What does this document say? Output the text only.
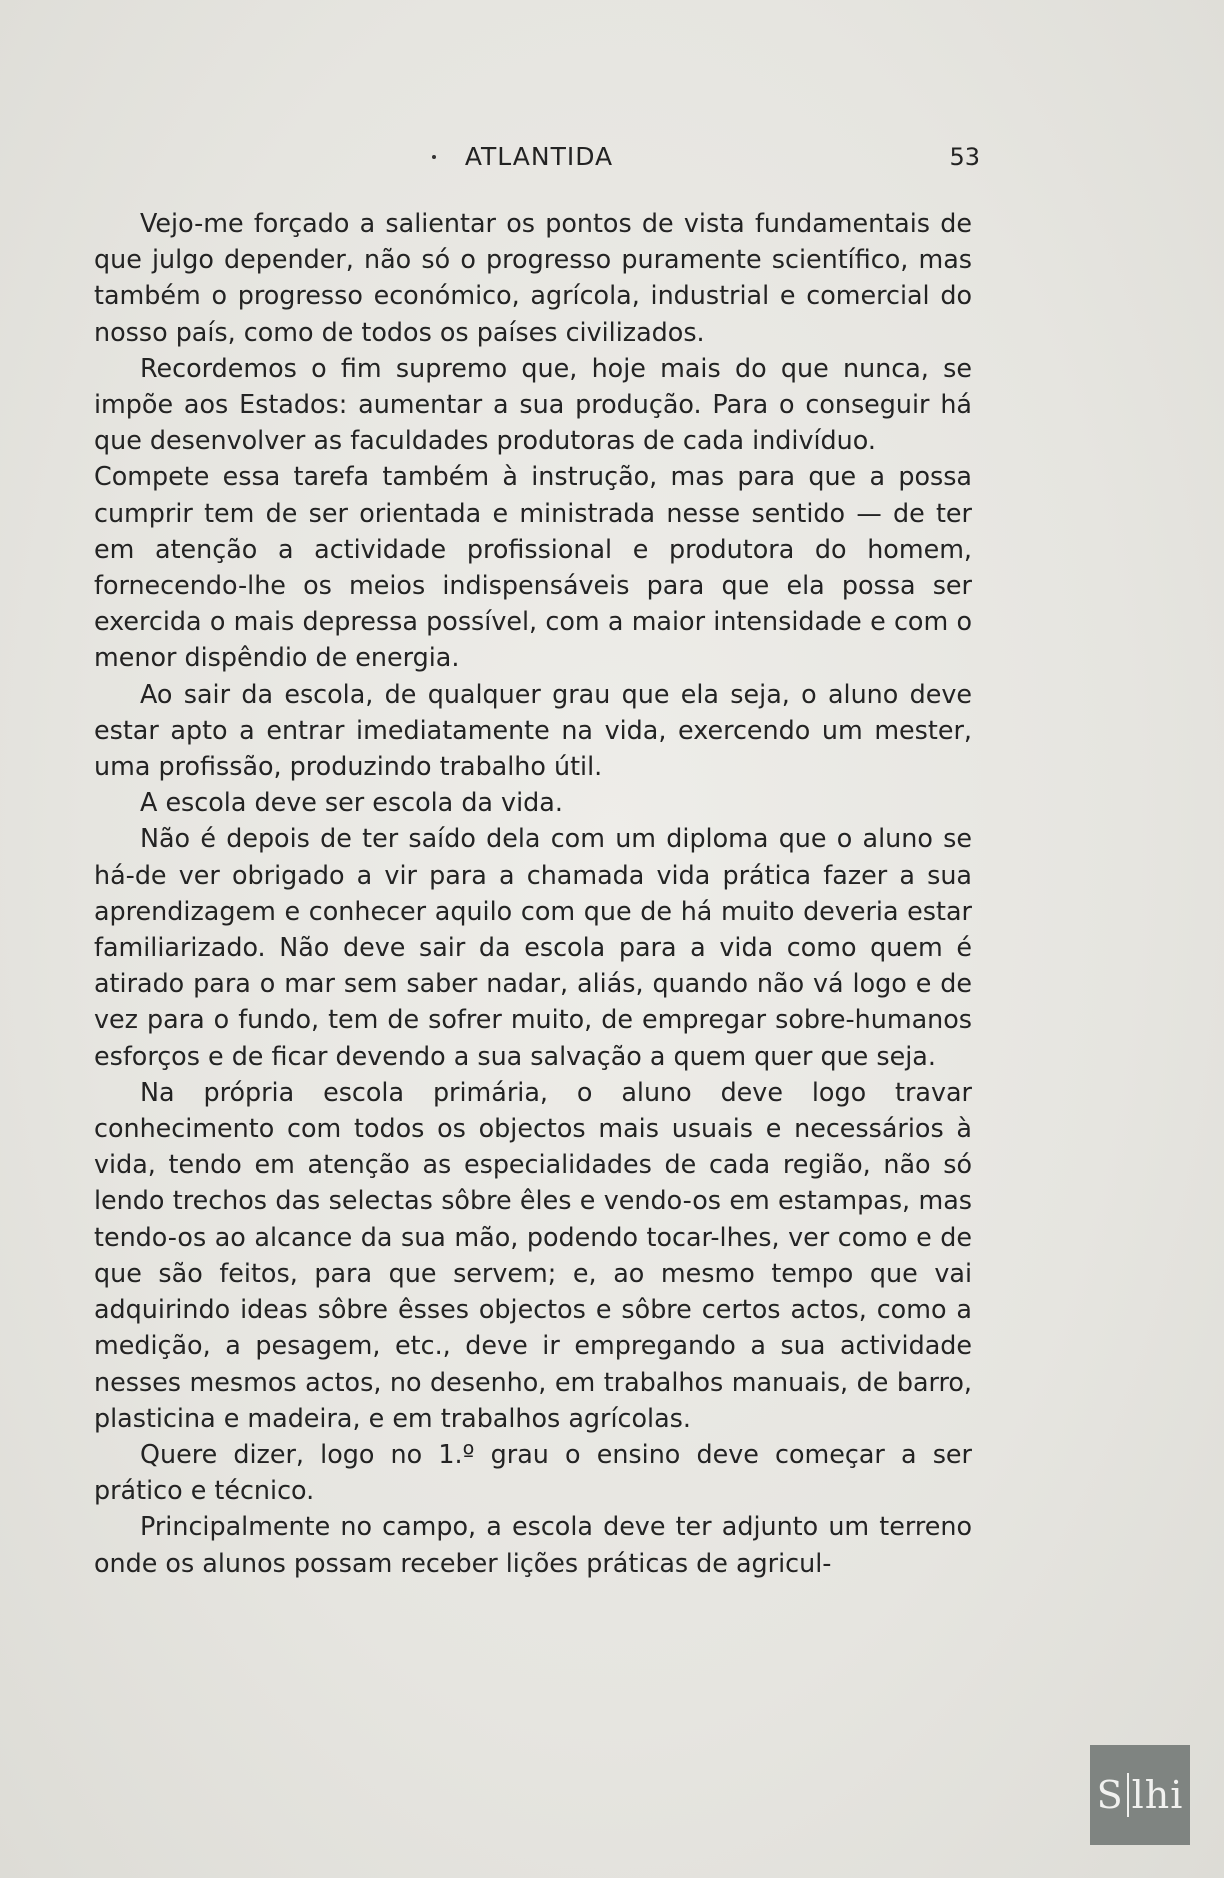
ATLANTIDA	53

Vejo-me forçado a salientar os pontos de vista fundamentais de que julgo depender, não só o progresso puramente scientífico, mas também o progresso económico, agrícola, industrial e comercial do nosso país, como de todos os países civilizados.

Recordemos o fim supremo que, hoje mais do que nunca, se impõe aos Estados: aumentar a sua produção. Para o conseguir há que desenvolver as faculdades produtoras de cada indivíduo.

Compete essa tarefa também à instrução, mas para que a possa cumprir tem de ser orientada e ministrada nesse sentido — de ter em atenção a actividade profissional e produtora do homem, fornecendo-lhe os meios indispensáveis para que ela possa ser exercida o mais depressa possível, com a maior intensidade e com o menor dispêndio de energia.

Ao sair da escola, de qualquer grau que ela seja, o aluno deve estar apto a entrar imediatamente na vida, exercendo um mester, uma profissão, produzindo trabalho útil.

A escola deve ser escola da vida.

Não é depois de ter saído dela com um diploma que o aluno se há-de ver obrigado a vir para a chamada vida prática fazer a sua aprendizagem e conhecer aquilo com que de há muito deveria estar familiarizado. Não deve sair da escola para a vida como quem é atirado para o mar sem saber nadar, aliás, quando não vá logo e de vez para o fundo, tem de sofrer muito, de empregar sobre-humanos esforços e de ficar devendo a sua salvação a quem quer que seja.

Na própria escola primária, o aluno deve logo travar conhecimento com todos os objectos mais usuais e necessários à vida, tendo em atenção as especialidades de cada região, não só lendo trechos das selectas sôbre êles e vendo-os em estampas, mas tendo-os ao alcance da sua mão, podendo tocar-lhes, ver como e de que são feitos, para que servem; e, ao mesmo tempo que vai adquirindo ideas sôbre êsses objectos e sôbre certos actos, como a medição, a pesagem, etc., deve ir empregando a sua actividade nesses mesmos actos, no desenho, em trabalhos manuais, de barro, plasticina e madeira, e em trabalhos agrícolas.

Quere dizer, logo no 1.º grau o ensino deve começar a ser prático e técnico.

Principalmente no campo, a escola deve ter adjunto um terreno onde os alunos possam receber lições práticas de agricul-

S l hi
